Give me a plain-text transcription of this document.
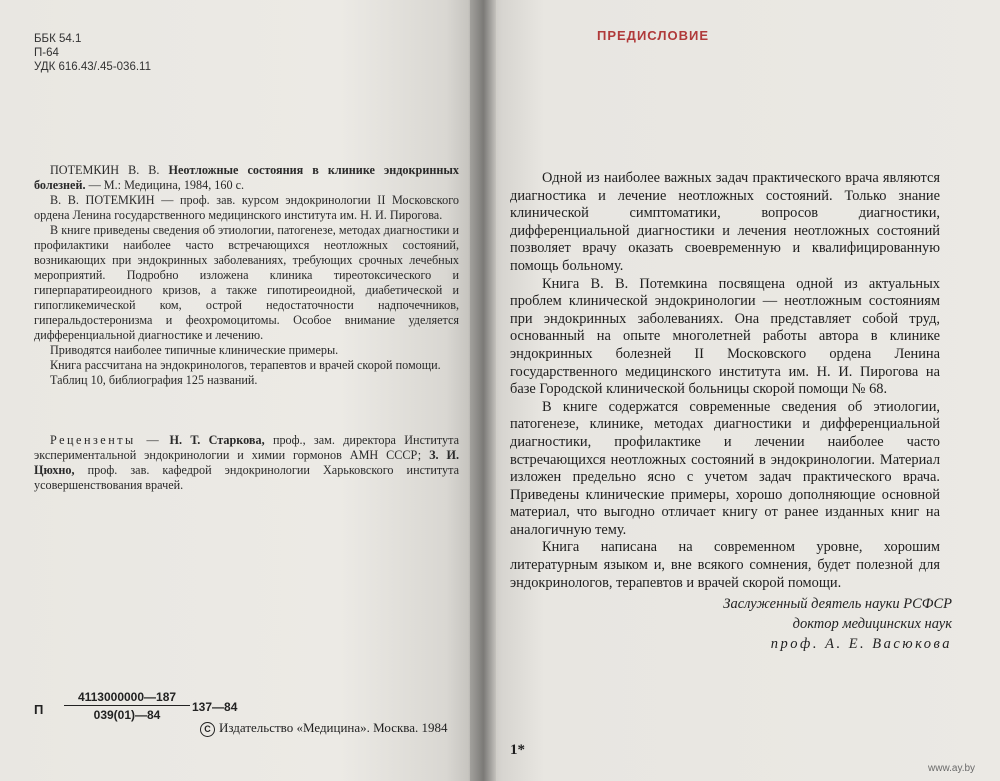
ББК 54.1
П-64
УДК 616.43/.45-036.11

ПОТЕМКИН В. В. Неотложные состояния в клинике эндокринных болезней. — М.: Медицина, 1984, 160 с.

В. В. ПОТЕМКИН — проф. зав. курсом эндокринологии II Московского ордена Ленина государственного медицинского института им. Н. И. Пирогова.

В книге приведены сведения об этиологии, патогенезе, методах диагностики и профилактики наиболее часто встречающихся неотложных состояний, возникающих при эндокринных заболеваниях, требующих срочных лечебных мероприятий. Подробно изложена клиника тиреотоксического и гиперпаратиреоидного кризов, а также гипотиреоидной, диабетической и гипогликемической ком, острой недостаточности надпочечников, гиперальдостеронизма и феохромоцитомы. Особое внимание уделяется дифференциальной диагностике и лечению.

Приводятся наиболее типичные клинические примеры.

Книга рассчитана на эндокринологов, терапевтов и врачей скорой помощи.

Таблиц 10, библиография 125 названий.

Рецензенты — Н. Т. Старкова, проф., зам. директора Института экспериментальной эндокринологии и химии гормонов АМН СССР; З. И. Цюхно, проф. зав. кафедрой эндокринологии Харьковского института усовершенствования врачей.

П $\frac{4113000000—187}{039(01)—84}$ 137—84
C Издательство «Медицина». Москва. 1984
ПРЕДИСЛОВИЕ

Одной из наиболее важных задач практического врача являются диагностика и лечение неотложных состояний. Только знание клинической симптоматики, вопросов диагностики, дифференциальной диагностики и лечения неотложных состояний позволяет врачу оказать своевременную и квалифицированную помощь больному.

Книга В. В. Потемкина посвящена одной из актуальных проблем клинической эндокринологии — неотложным состояниям при эндокринных заболеваниях. Она представляет собой труд, основанный на опыте многолетней работы автора в клинике эндокринных болезней II Московского ордена Ленина государственного медицинского института им. Н. И. Пирогова на базе Городской клинической больницы скорой помощи № 68.

В книге содержатся современные сведения об этиологии, патогенезе, клинике, методах диагностики и дифференциальной диагностики, профилактике и лечении наиболее часто встречающихся неотложных состояний в эндокринологии. Материал изложен предельно ясно с учетом задач практического врача. Приведены клинические примеры, хорошо дополняющие основной материал, что выгодно отличает книгу от ранее изданных книг на аналогичную тему.

Книга написана на современном уровне, хорошим литературным языком и, вне всякого сомнения, будет полезной для эндокринологов, терапевтов и врачей скорой помощи.

Заслуженный деятель науки РСФСР
доктор медицинских наук
проф. А. Е. Васюкова
1*
www.ay.by
